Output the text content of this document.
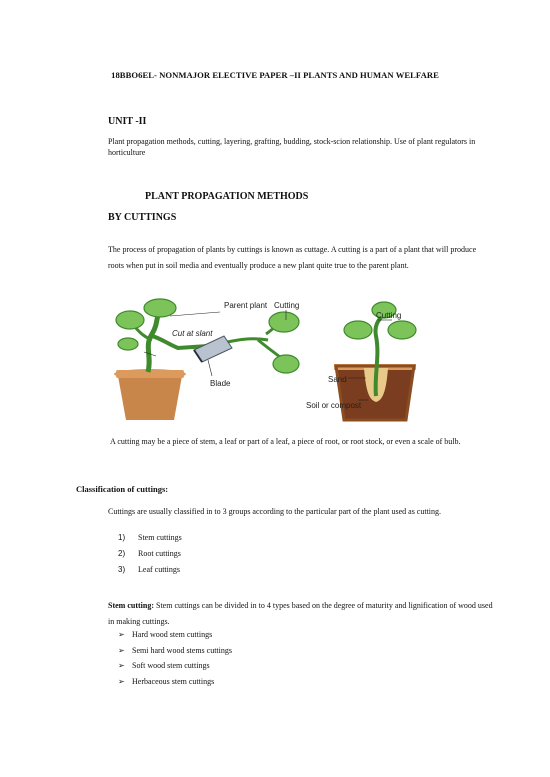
18BBO6EL- NONMAJOR ELECTIVE PAPER –II PLANTS AND HUMAN WELFARE
UNIT -II
Plant propagation methods, cutting, layering, grafting, budding, stock-scion relationship. Use of plant regulators in horticulture
PLANT PROPAGATION METHODS
BY CUTTINGS
The process of propagation of plants by cuttings is known as cuttage. A cutting is a part of a plant that will produce roots when put in soil media and eventually produce a new plant quite true to the parent plant.
Parent plant Cutting
Cut at slant
Blade
Cutting
Sand
Soil or compost
A cutting may be a piece of stem, a leaf or part of a leaf, a piece of root, or root stock, or even a scale of bulb.
Classification of cuttings:
Cuttings are usually classified in to 3 groups according to the particular part of the plant used as cutting.
1) Stem cuttings
2) Root cuttings
3) Leaf cuttings
Stem cutting: Stem cuttings can be divided in to 4 types based on the degree of maturity and lignification of wood used in making cuttings.
➢ Hard wood stem cuttings
➢ Semi hard wood stems cuttings
➢ Soft wood stem cuttings
➢ Herbaceous stem cuttings
